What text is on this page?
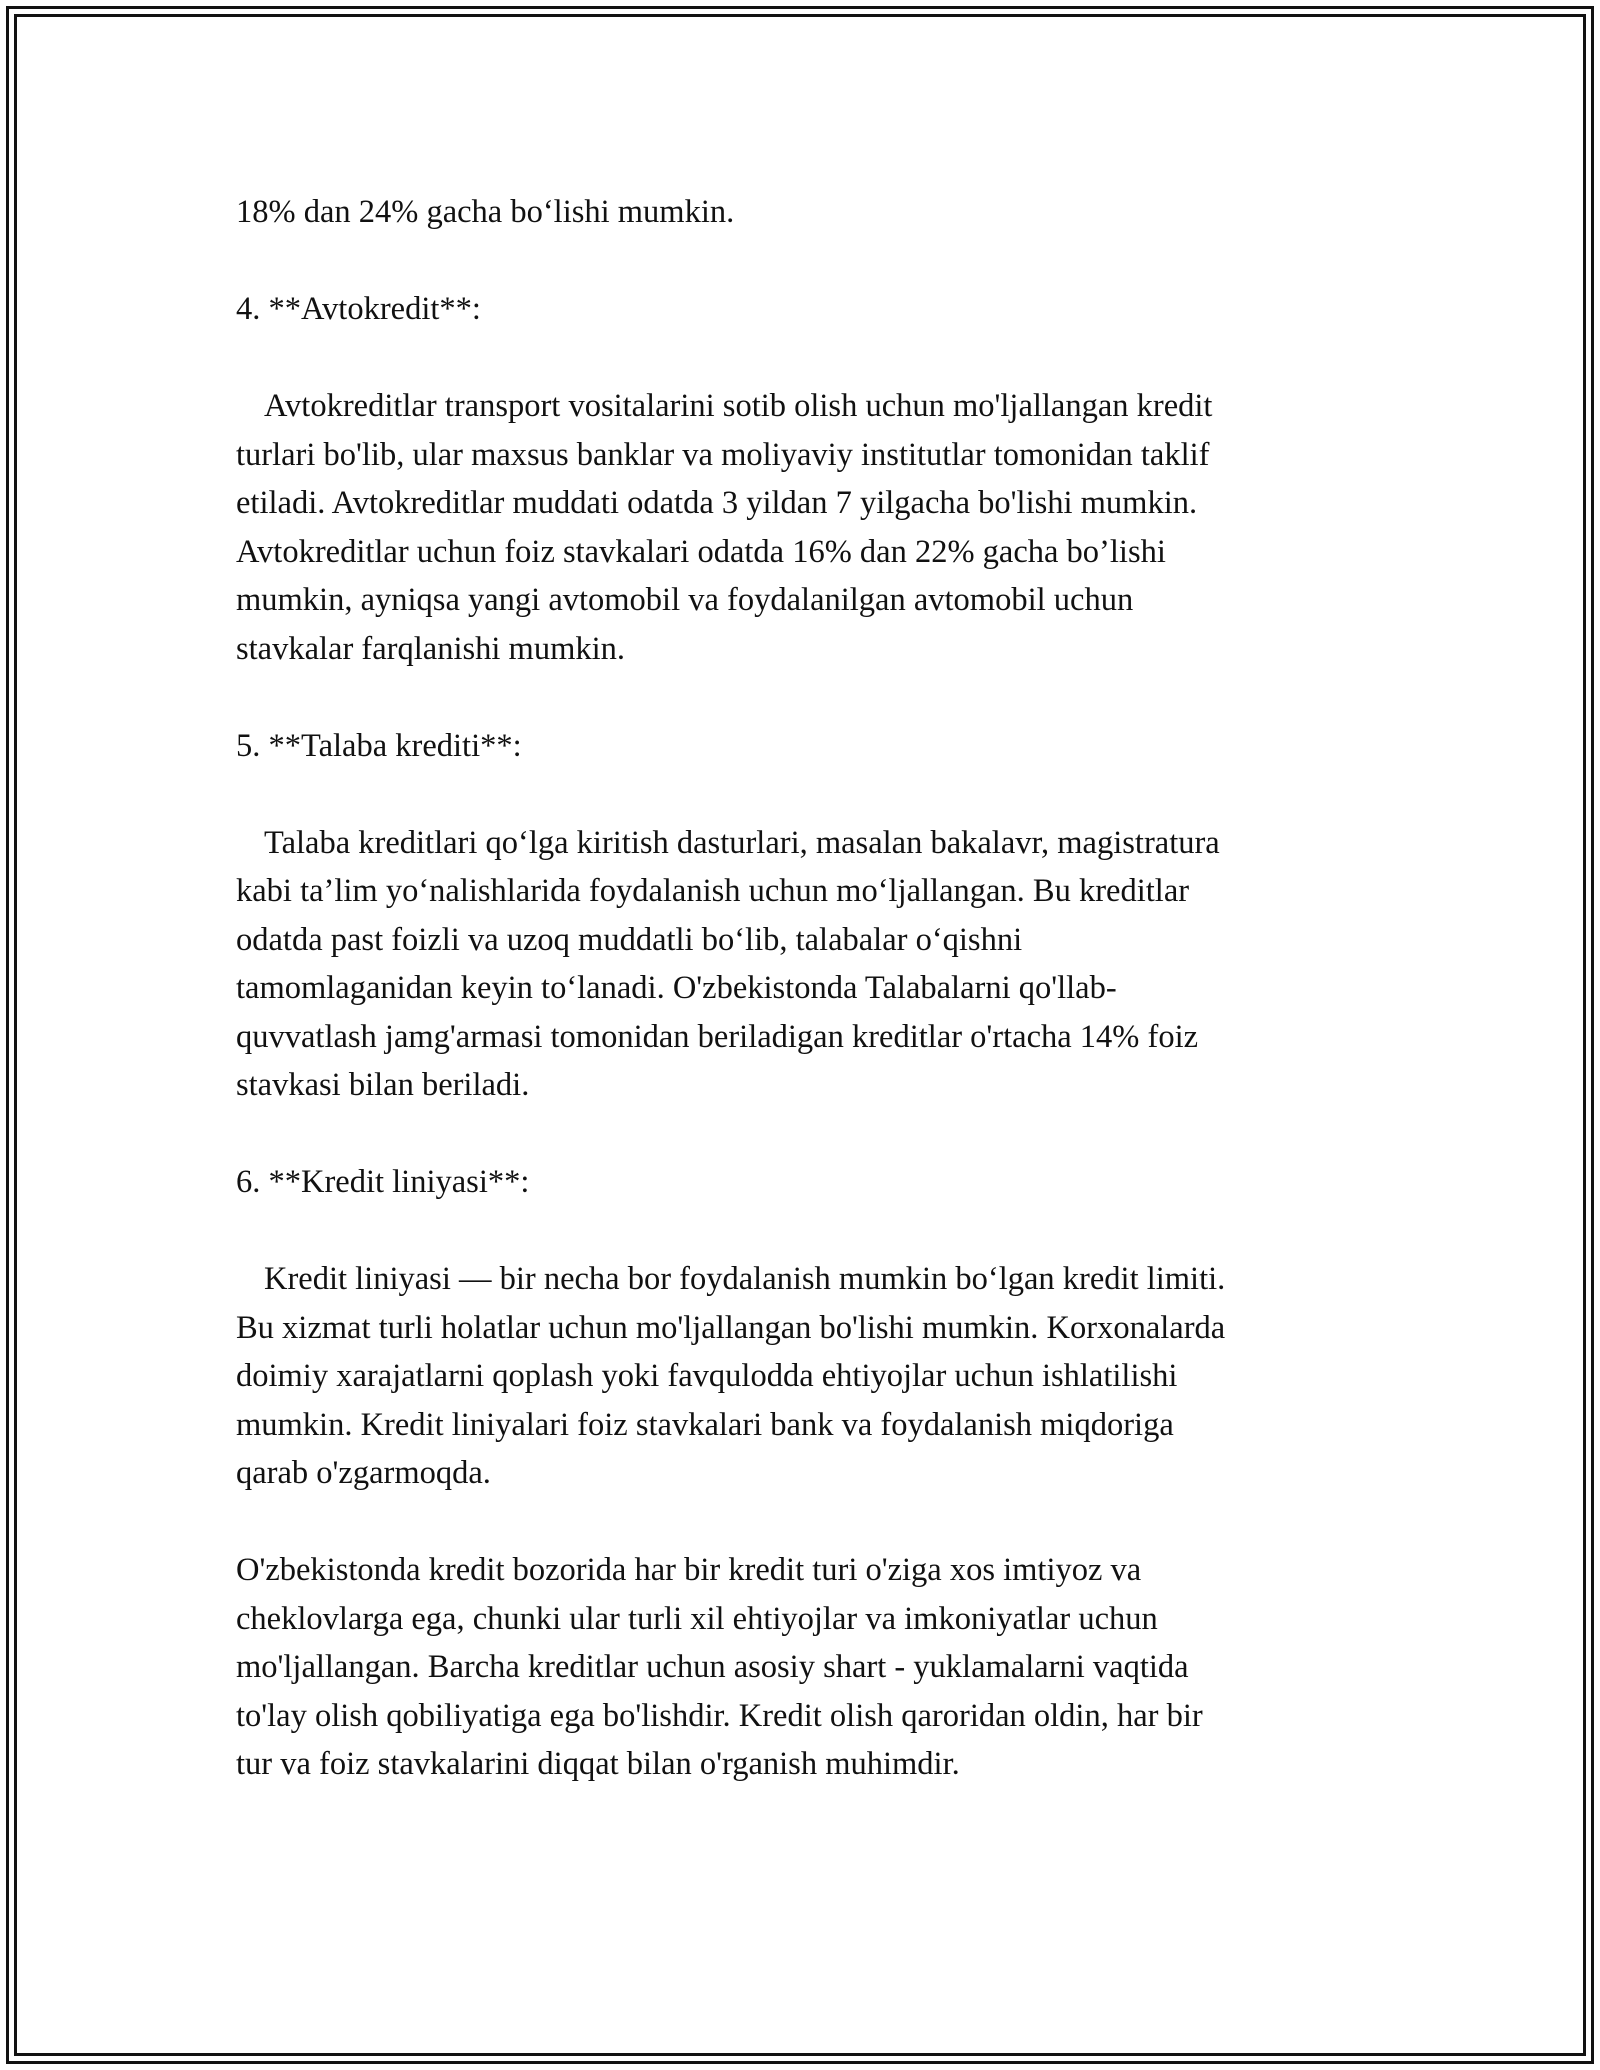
18% dan 24% gacha bo‘lishi mumkin.

4. **Avtokredit**:

Avtokreditlar transport vositalarini sotib olish uchun mo'ljallangan kredit

turlari bo'lib, ular maxsus banklar va moliyaviy institutlar tomonidan taklif

etiladi. Avtokreditlar muddati odatda 3 yildan 7 yilgacha bo'lishi mumkin.

Avtokreditlar uchun foiz stavkalari odatda 16% dan 22% gacha bo’lishi

mumkin, ayniqsa yangi avtomobil va foydalanilgan avtomobil uchun

stavkalar farqlanishi mumkin.

5. **Talaba krediti**:

Talaba kreditlari qo‘lga kiritish dasturlari, masalan bakalavr, magistratura

kabi ta’lim yo‘nalishlarida foydalanish uchun mo‘ljallangan. Bu kreditlar

odatda past foizli va uzoq muddatli bo‘lib, talabalar o‘qishni

tamomlaganidan keyin to‘lanadi. O'zbekistonda Talabalarni qo'llab-

quvvatlash jamg'armasi tomonidan beriladigan kreditlar o'rtacha 14% foiz

stavkasi bilan beriladi.

6. **Kredit liniyasi**:

Kredit liniyasi — bir necha bor foydalanish mumkin bo‘lgan kredit limiti.

Bu xizmat turli holatlar uchun mo'ljallangan bo'lishi mumkin. Korxonalarda

doimiy xarajatlarni qoplash yoki favqulodda ehtiyojlar uchun ishlatilishi

mumkin. Kredit liniyalari foiz stavkalari bank va foydalanish miqdoriga

qarab o'zgarmoqda.

O'zbekistonda kredit bozorida har bir kredit turi o'ziga xos imtiyoz va

cheklovlarga ega, chunki ular turli xil ehtiyojlar va imkoniyatlar uchun

mo'ljallangan. Barcha kreditlar uchun asosiy shart - yuklamalarni vaqtida

to'lay olish qobiliyatiga ega bo'lishdir. Kredit olish qaroridan oldin, har bir

tur va foiz stavkalarini diqqat bilan o'rganish muhimdir.
